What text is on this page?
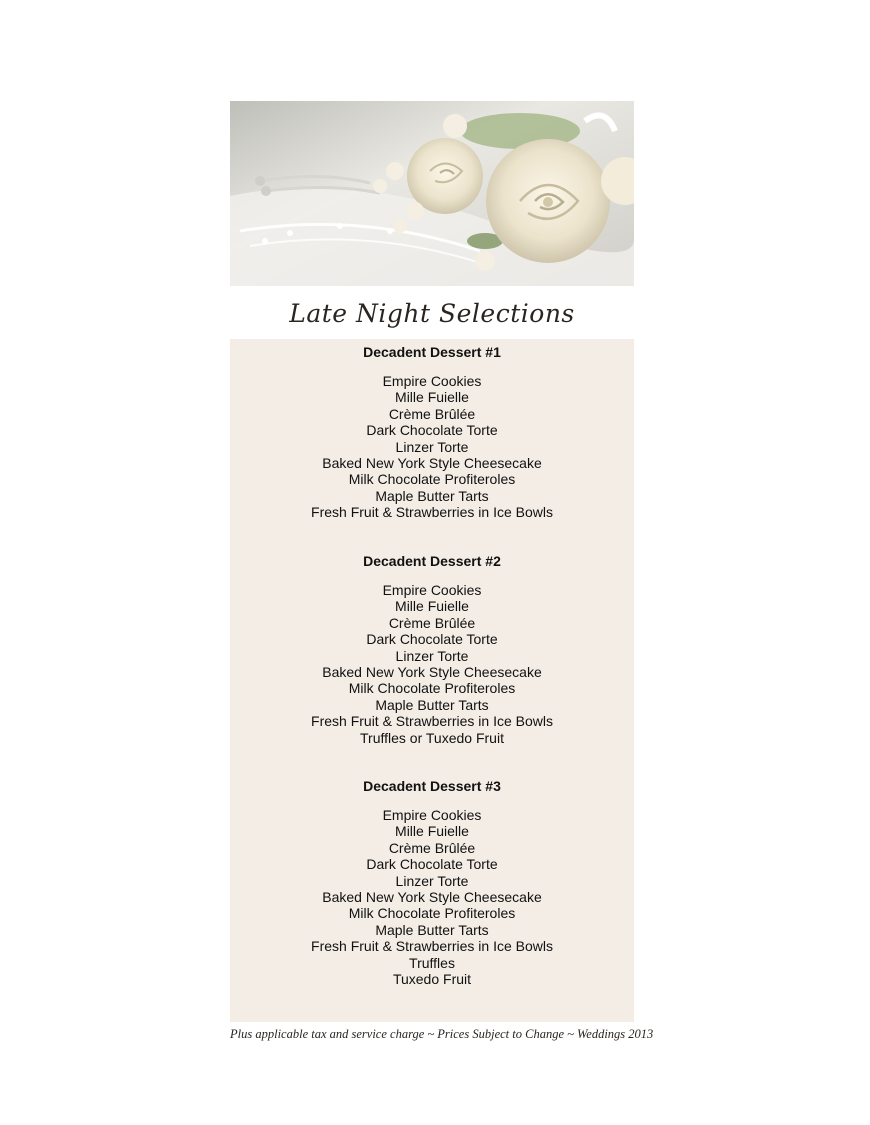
Late Night Selections
Decadent Dessert #1
Empire Cookies
Mille Fuielle
Crème Brûlée
Dark Chocolate Torte
Linzer Torte
Baked New York Style Cheesecake
Milk Chocolate Profiteroles
Maple Butter Tarts
Fresh Fruit & Strawberries in Ice Bowls
Decadent Dessert #2
Empire Cookies
Mille Fuielle
Crème Brûlée
Dark Chocolate Torte
Linzer Torte
Baked New York Style Cheesecake
Milk Chocolate Profiteroles
Maple Butter Tarts
Fresh Fruit & Strawberries in Ice Bowls
Truffles or Tuxedo Fruit
Decadent Dessert #3
Empire Cookies
Mille Fuielle
Crème Brûlée
Dark Chocolate Torte
Linzer Torte
Baked New York Style Cheesecake
Milk Chocolate Profiteroles
Maple Butter Tarts
Fresh Fruit & Strawberries in Ice Bowls
Truffles
Tuxedo Fruit
Plus applicable tax and service charge ~ Prices Subject to Change ~ Weddings 2013
